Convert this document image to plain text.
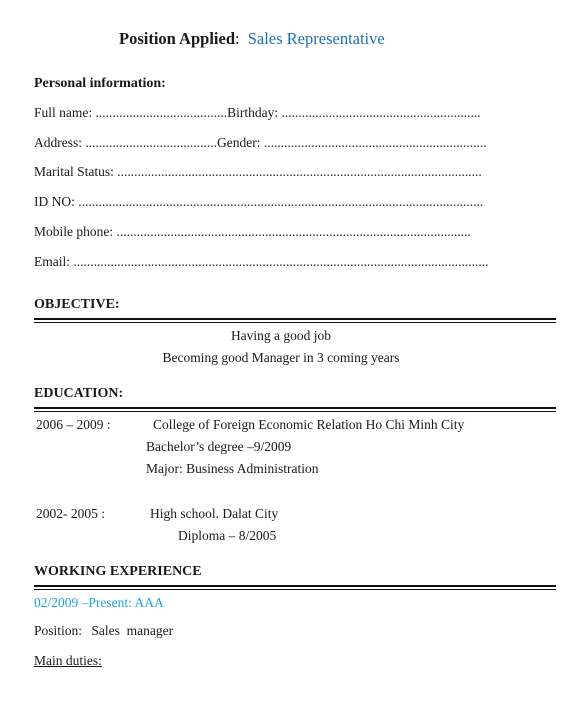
Position Applied: Sales Representative
Personal information:
Full name: .......................................Birthday: ...........................................................
Address: .......................................Gender: ..................................................................
Marital Status: ............................................................................................................
ID NO: ........................................................................................................................
Mobile phone: .........................................................................................................
Email: ...........................................................................................................................
OBJECTIVE:
Having a good job
Becoming good Manager in 3 coming years
EDUCATION:
2006 – 2009 :	College of Foreign Economic Relation Ho Chi Minh City
Bachelor’s degree –9/2009
Major: Business Administration
2002- 2005 :	High school. Dalat City
Diploma – 8/2005
WORKING EXPERIENCE
02/2009 –Present: AAA
Position: Sales  manager
Main duties:
